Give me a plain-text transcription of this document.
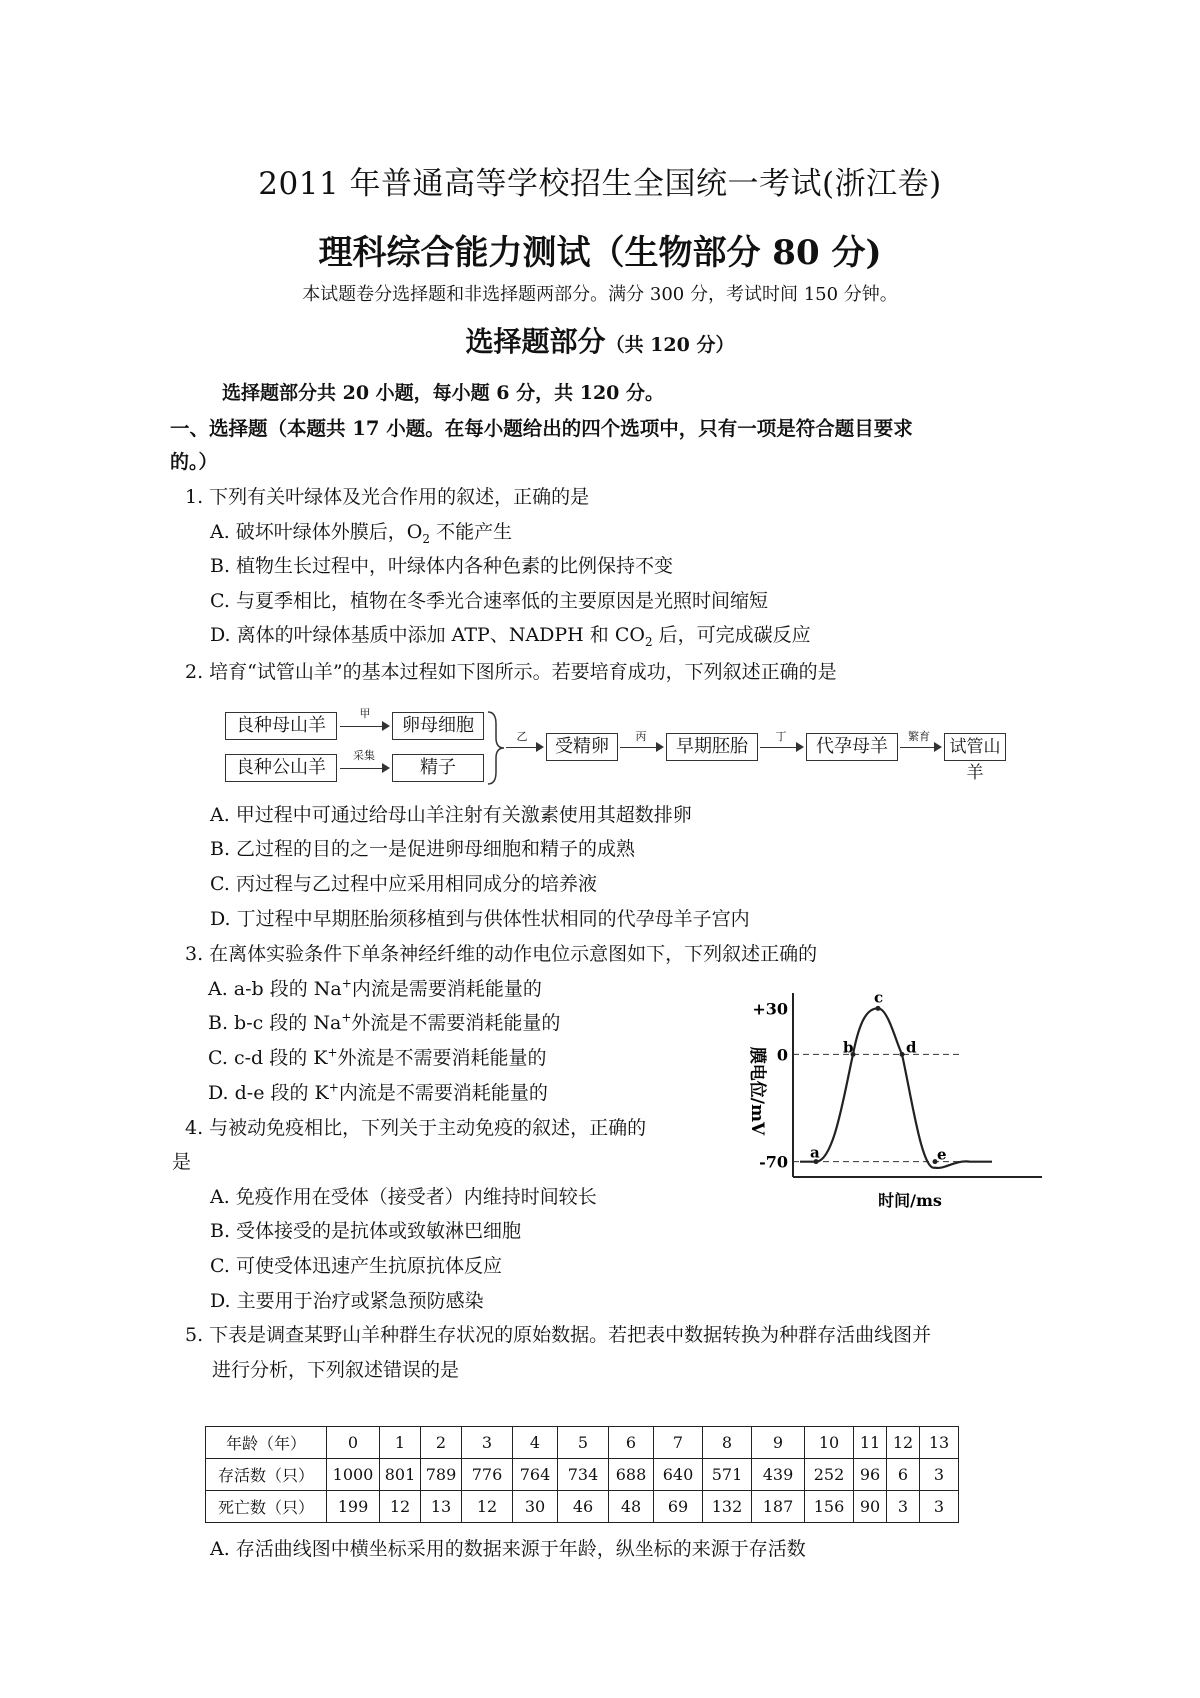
2011 年普通高等学校招生全国统一考试(浙江卷)
理科综合能力测试（生物部分 80 分)
本试题卷分选择题和非选择题两部分。满分 300 分，考试时间 150 分钟。
选择题部分（共 120 分）
选择题部分共 20 小题，每小题 6 分，共 120 分。
一、选择题（本题共 17 小题。在每小题给出的四个选项中，只有一项是符合题目要求
的。）
1. 下列有关叶绿体及光合作用的叙述，正确的是
A. 破坏叶绿体外膜后，$O_2$ 不能产生
B. 植物生长过程中，叶绿体内各种色素的比例保持不变
C. 与夏季相比，植物在冬季光合速率低的主要原因是光照时间缩短
D. 离体的叶绿体基质中添加 ATP、NADPH 和 $CO_2$ 后，可完成碳反应
2. 培育“试管山羊”的基本过程如下图所示。若要培育成功，下列叙述正确的是
良种母山羊
甲
卵母细胞
良种公山羊
采集
精子
乙	受精卵	丙	早期胚胎	丁	代孕母羊	繁育
试管山羊
A. 甲过程中可通过给母山羊注射有关激素使用其超数排卵
B. 乙过程的目的之一是促进卵母细胞和精子的成熟
C. 丙过程与乙过程中应采用相同成分的培养液
D. 丁过程中早期胚胎须移植到与供体性状相同的代孕母羊子宫内
3. 在离体实验条件下单条神经纤维的动作电位示意图如下，下列叙述正确的
A. a-b 段的 Na+内流是需要消耗能量的
B. b-c 段的 Na+外流是不需要消耗能量的
C. c-d 段的 K+外流是不需要消耗能量的
D. d-e 段的 K+内流是不需要消耗能量的	膜电位/mV
时间/ms
+30
0
-70 a
b
c
d
e
4. 与被动免疫相比，下列关于主动免疫的叙述，正确的
是
A. 免疫作用在受体（接受者）内维持时间较长
B. 受体接受的是抗体或致敏淋巴细胞
C. 可使受体迅速产生抗原抗体反应
D. 主要用于治疗或紧急预防感染
5. 下表是调查某野山羊种群生存状况的原始数据。若把表中数据转换为种群存活曲线图并
进行分析，下列叙述错误的是
年龄（年）	0	1	2	3	4	5	6	7	8	9	10	11	12	13
存活数（只）	1000	801	789	776	764	734	688	640	571	439	252	96	6	3
死亡数（只）	199	12	13	12	30	46	48	69	132	187	156	90	3	3
A. 存活曲线图中横坐标采用的数据来源于年龄，纵坐标的来源于存活数
